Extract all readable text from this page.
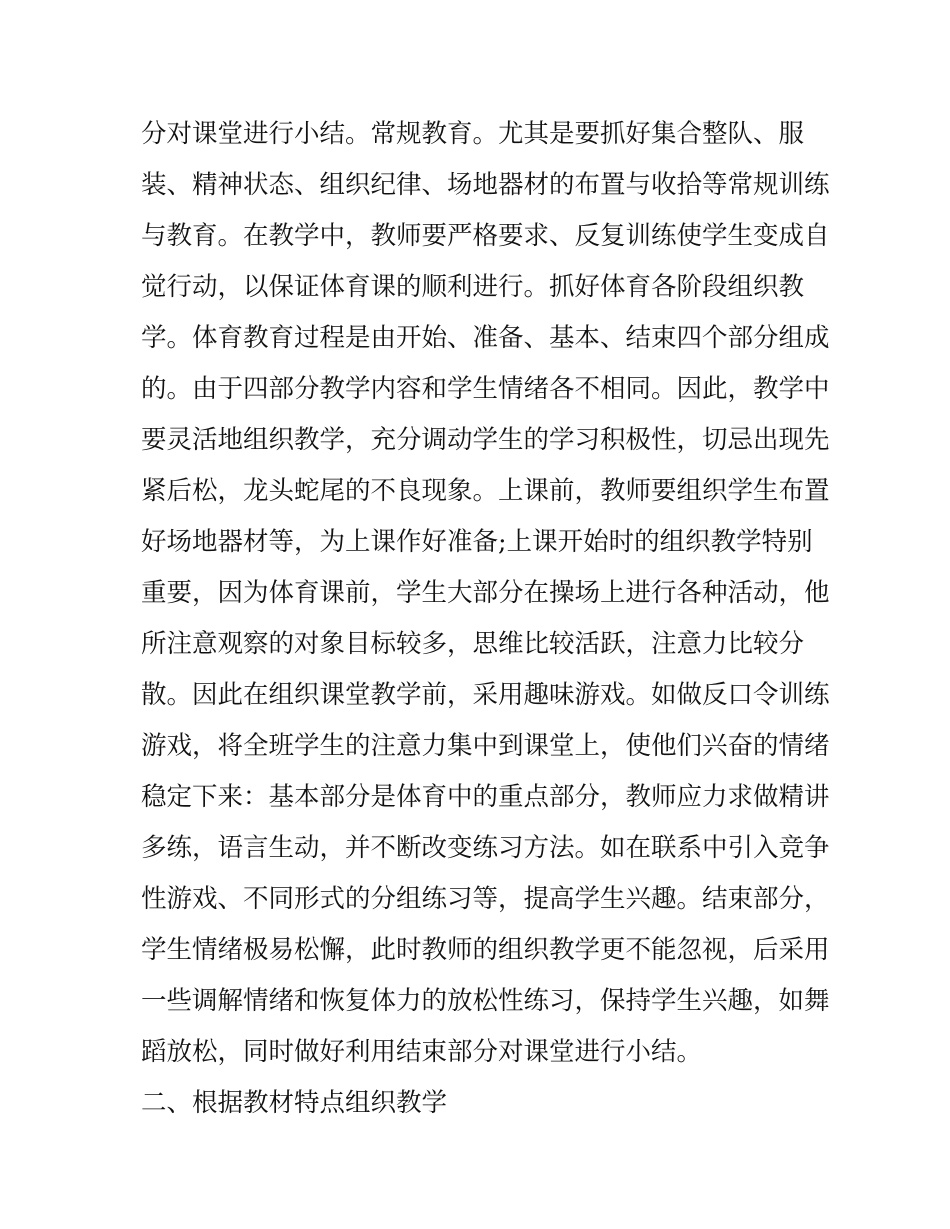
分对课堂进行小结。常规教育。尤其是要抓好集合整队、服
装、精神状态、组织纪律、场地器材的布置与收拾等常规训练
与教育。在教学中，教师要严格要求、反复训练使学生变成自
觉行动，以保证体育课的顺利进行。抓好体育各阶段组织教
学。体育教育过程是由开始、准备、基本、结束四个部分组成
的。由于四部分教学内容和学生情绪各不相同。因此，教学中
要灵活地组织教学，充分调动学生的学习积极性，切忌出现先
紧后松，龙头蛇尾的不良现象。上课前，教师要组织学生布置
好场地器材等，为上课作好准备;上课开始时的组织教学特别
重要，因为体育课前，学生大部分在操场上进行各种活动，他
所注意观察的对象目标较多，思维比较活跃，注意力比较分
散。因此在组织课堂教学前，采用趣味游戏。如做反口令训练
游戏，将全班学生的注意力集中到课堂上，使他们兴奋的情绪
稳定下来：基本部分是体育中的重点部分，教师应力求做精讲
多练，语言生动，并不断改变练习方法。如在联系中引入竞争
性游戏、不同形式的分组练习等，提高学生兴趣。结束部分，
学生情绪极易松懈，此时教师的组织教学更不能忽视，后采用
一些调解情绪和恢复体力的放松性练习，保持学生兴趣，如舞
蹈放松，同时做好利用结束部分对课堂进行小结。
二、根据教材特点组织教学
